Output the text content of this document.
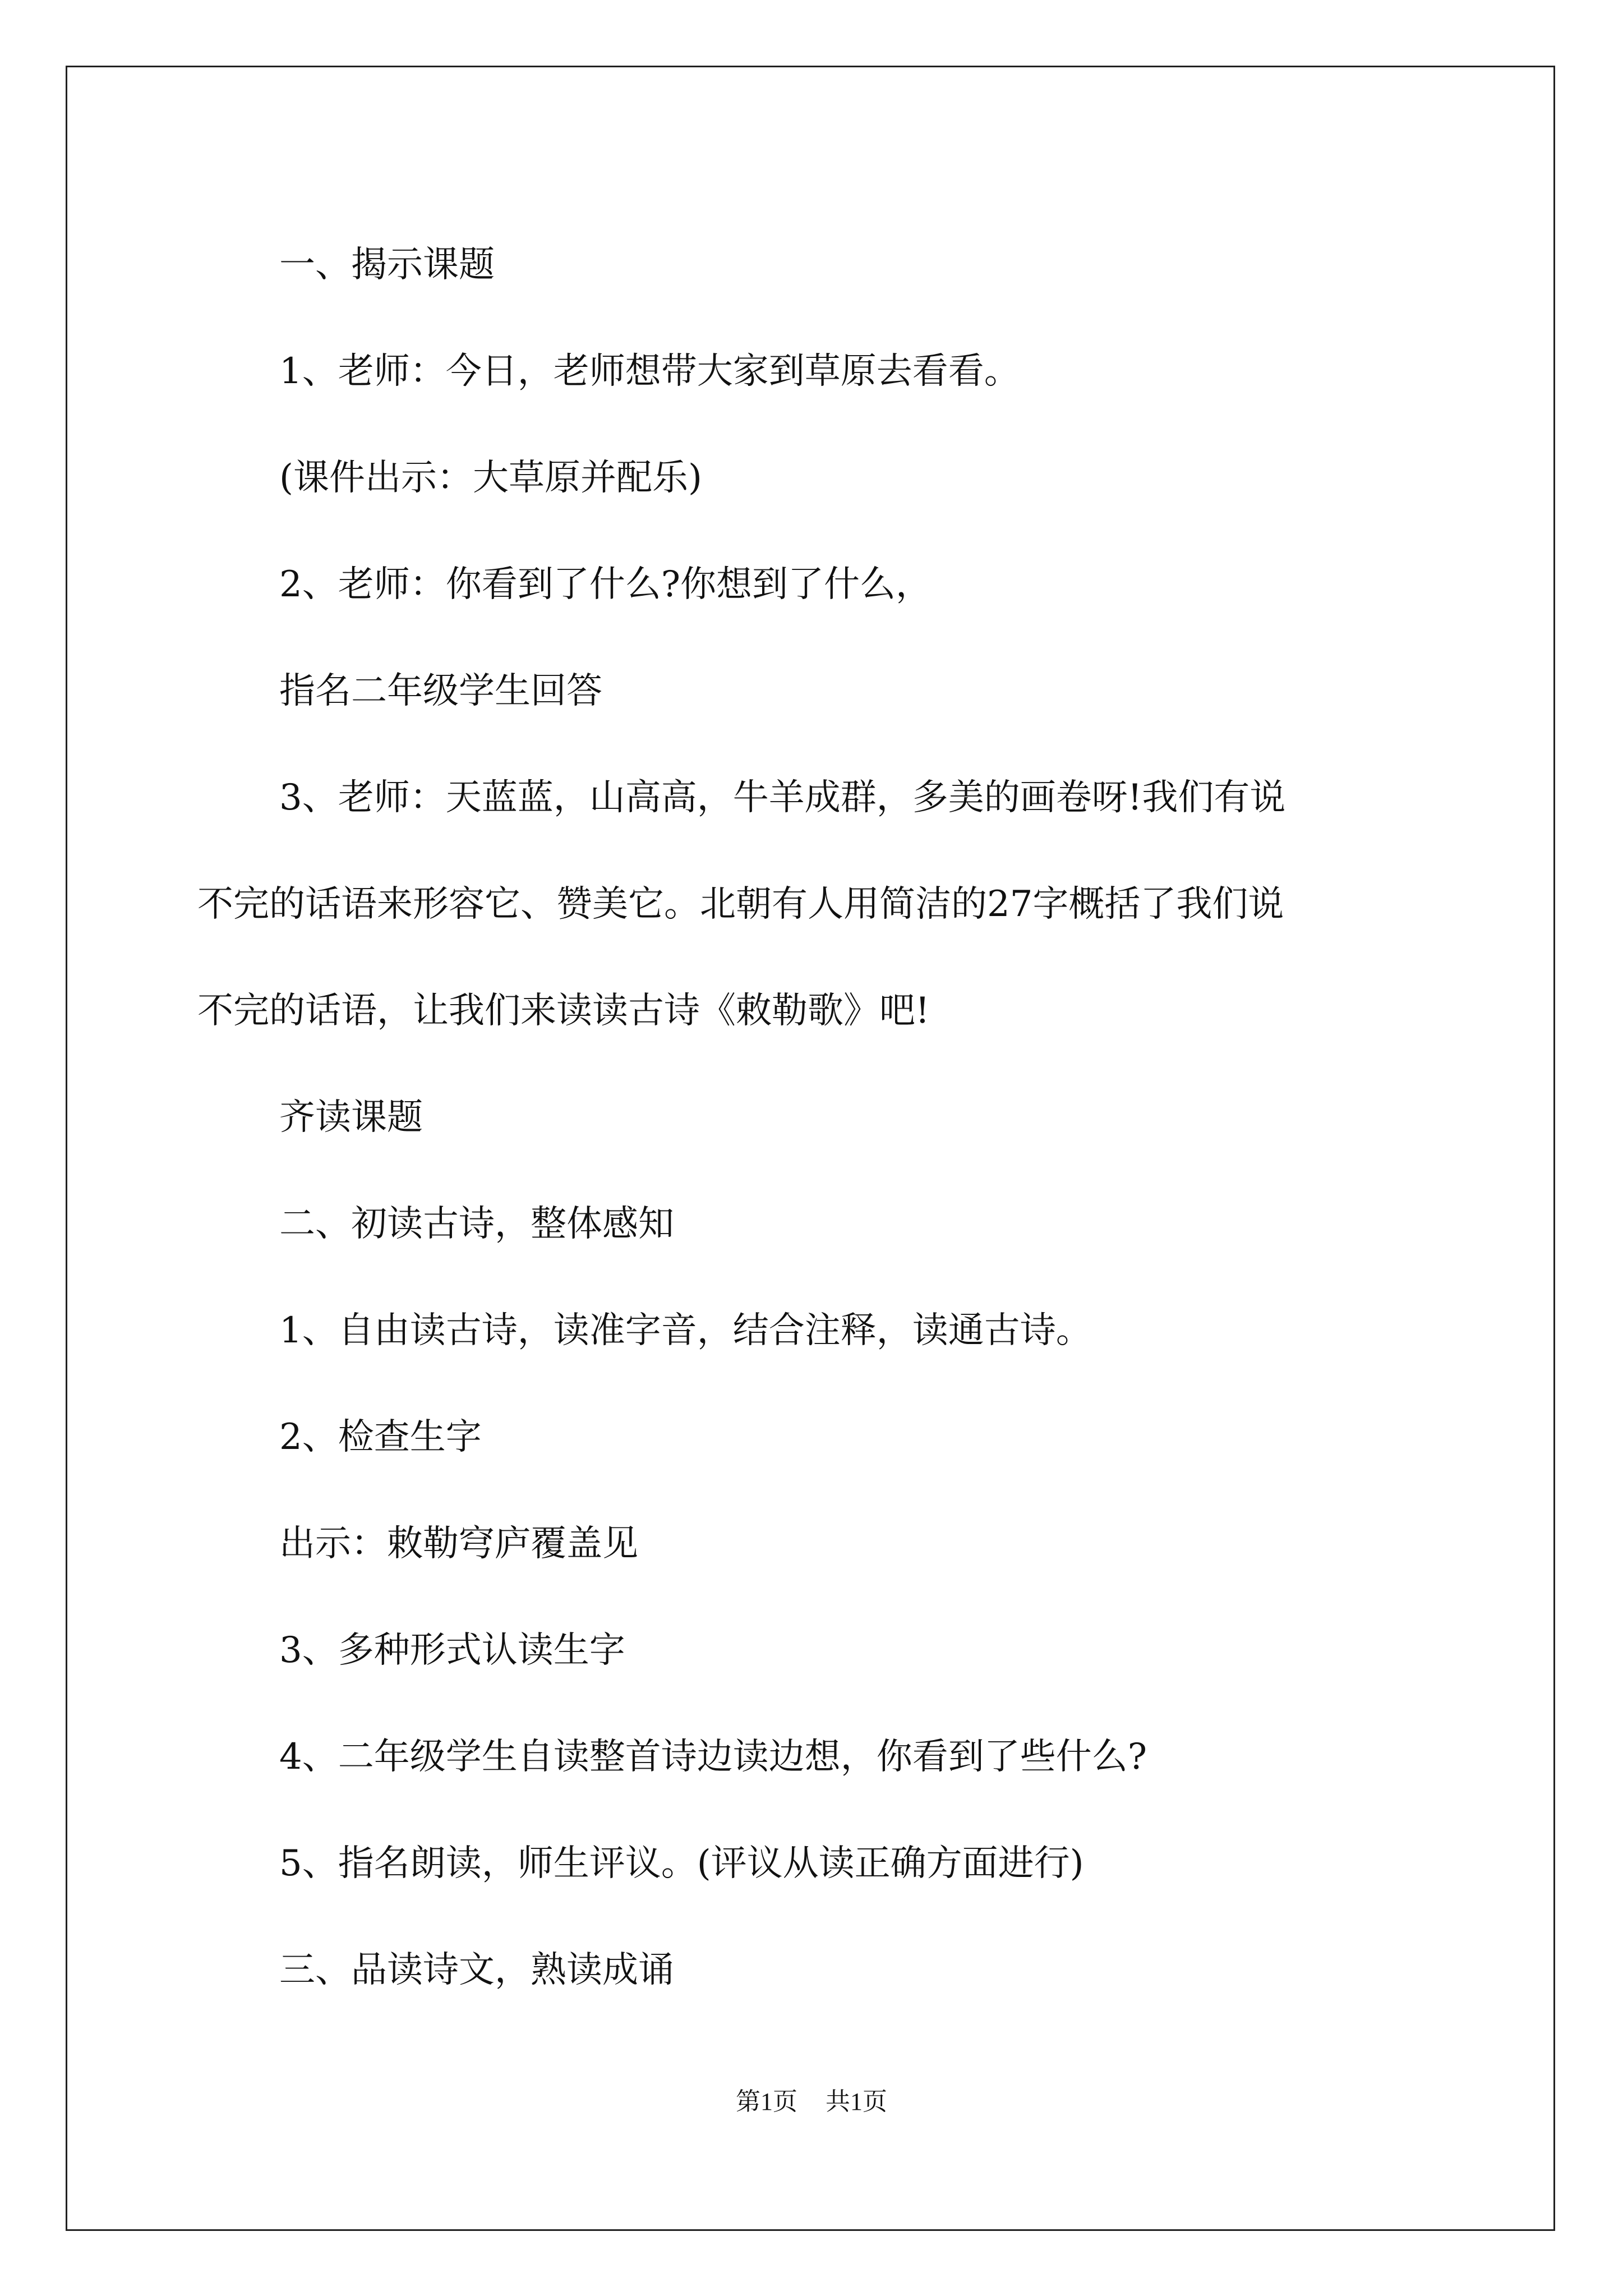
一、揭示课题

1、老师：今日，老师想带大家到草原去看看。

(课件出示：大草原并配乐)

2、老师：你看到了什么?你想到了什么，

指名二年级学生回答

3、老师：天蓝蓝，山高高，牛羊成群，多美的画卷呀!我们有说

不完的话语来形容它、赞美它。北朝有人用简洁的27字概括了我们说

不完的话语，让我们来读读古诗《敕勒歌》吧!

齐读课题

二、初读古诗，整体感知

1、自由读古诗，读准字音，结合注释，读通古诗。

2、检查生字

出示：敕勒穹庐覆盖见

3、多种形式认读生字

4、二年级学生自读整首诗边读边想，你看到了些什么?

5、指名朗读，师生评议。(评议从读正确方面进行)

三、品读诗文，熟读成诵

第1页 共1页
